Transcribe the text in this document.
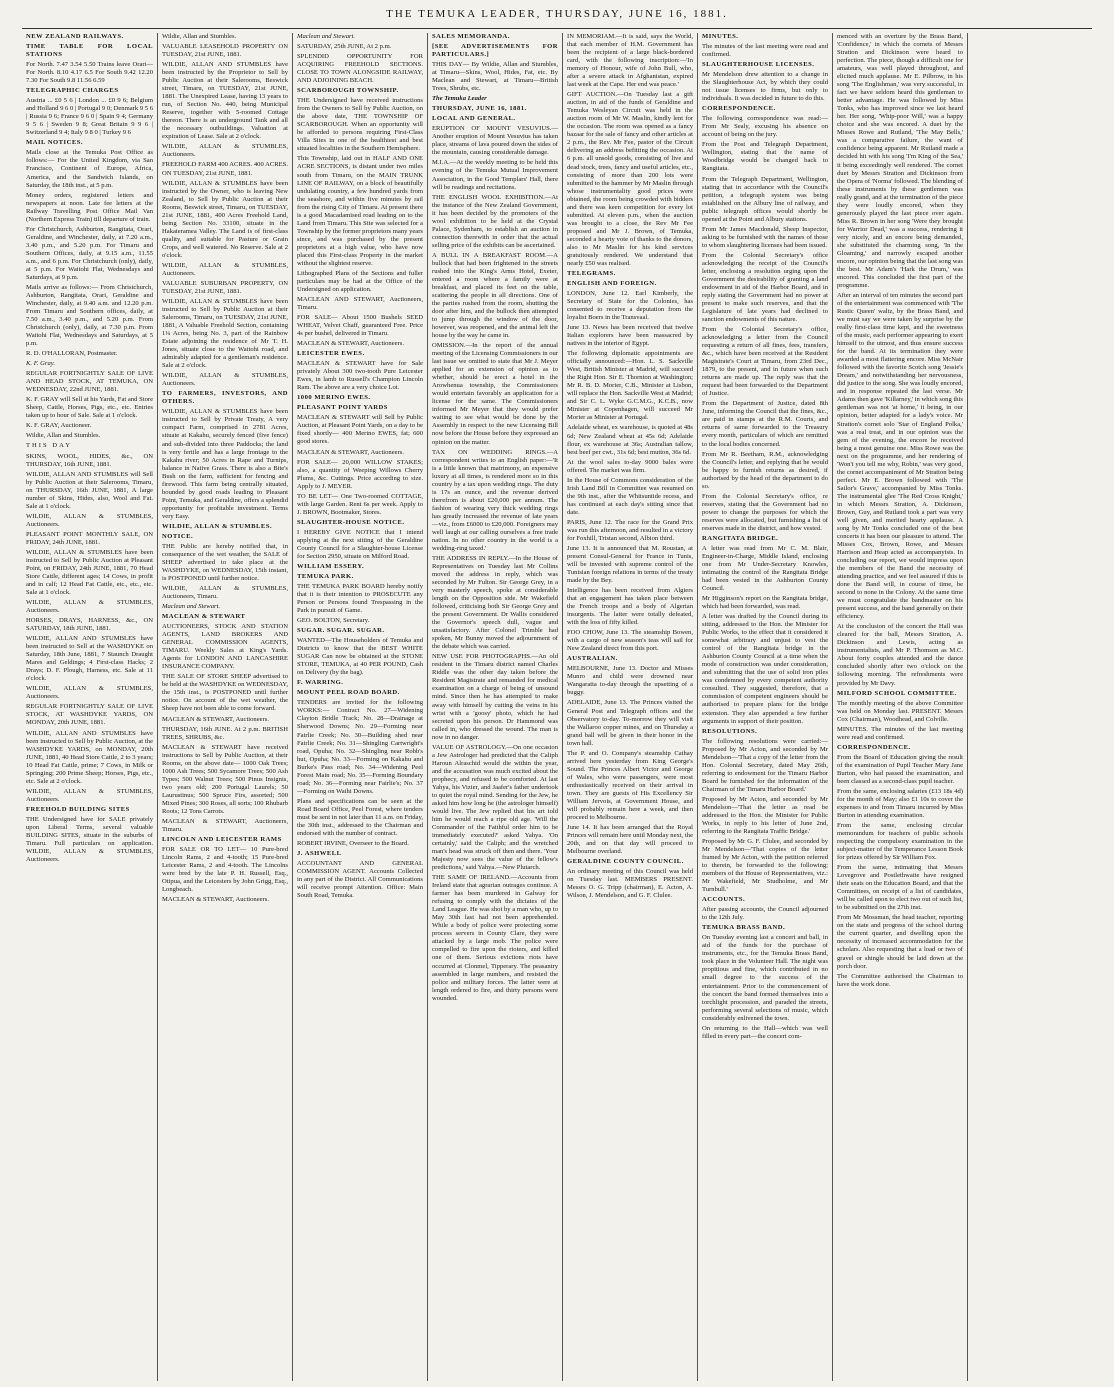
THE TEMUKA LEADER, THURSDAY, JUNE 16, 1881.

NEW ZEALAND RAILWAYS.

TIME TABLE FOR LOCAL STATIONS

For North. 7.47 3.54 5.50 Trains leave Orari— For North. 8.10 4.17 6.5 For South 9.42 12.20 7.30 For South 9.8 11.56 6.59

TELEGRAPHIC CHARGES

Austria ... £0 5 6 | London ... £0 9 6; Belgium and Holland 9 6 0 | Portugal 9 0; Denmark 9 5 6 | Russia 9 6; France 9 6 0 | Spain 9 4; Germany 9 5 6 | Sweden 9 8; Great Britain 9 9 6 | Switzerland 9 4; Italy 9 8 0 | Turkey 9 6

MAIL NOTICES.

Mails close at the Temuka Post Office as follows:— For the United Kingdom, via San Francisco, Continent of Europe, Africa, America, and the Sandwich Islands, on Saturday, the 18th inst., at 5 p.m.

Money orders, registered letters and newspapers at noon. Late fee letters at the Railway Travelling Post Office Mail Van (Northern Express Train) till departure of train.

For Christchurch, Ashburton, Rangitata, Orari, Geraldine, and Winchester, daily, at 7.20 a.m., 3.40 p.m., and 5.20 p.m. For Timaru and Southern Offices, daily, at 9.15 a.m., 11.55 a.m., and 6 p.m. For Christchurch (only), daily, at 5 p.m. For Waitohi Flat, Wednesdays and Saturdays, at 9 p.m.

Mails arrive as follows:— From Christchurch, Ashburton, Rangitata, Orari, Geraldine and Winchester, daily, at 9.40 a.m. and 12.20 p.m. From Timaru and Southern offices, daily, at 7.50 a.m., 3.40 p.m., and 5.20 p.m. From Christchurch (only), daily, at 7.30 p.m. From Waitohi Flat, Wednesdays and Saturdays, at 5 p.m.

R. D. O'HALLORAN, Postmaster.

K. F. Gray.

REGULAR FORTNIGHTLY SALE OF LIVE AND HEAD STOCK, AT TEMUKA, ON WEDNESDAY, 22nd JUNE, 1881.

K. F. GRAY will Sell at his Yards, Fat and Store Sheep, Cattle, Horses, Pigs, etc., etc. Entries taken up to hour of Sale. Sale at 1 o'clock.

K. F. GRAY, Auctioneer.

Wildie, Allan and Stumbles.

THIS DAY

SKINS, WOOL, HIDES, &c., ON THURSDAY, 16th JUNE, 1881.

WILDIE, ALLAN AND STUMBLES will Sell by Public Auction at their Salerooms, Timaru, on THURSDAY, 16th JUNE, 1881, A large number of Skins, Hides, also, Wool and Fat. Sale at 1 o'clock.

WILDIE, ALLAN & STUMBLES, Auctioneers.

PLEASANT POINT MONTHLY SALE, ON FRIDAY, 24th JUNE, 1881.

WILDIE, ALLAN & STUMBLES have been instructed to Sell by Public Auction at Pleasant Point, on FRIDAY, 24th JUNE, 1881, 70 Head Store Cattle, different ages; 14 Cows, in profit and in calf; 12 Head Fat Cattle, etc., etc., etc. Sale at 1 o'clock.

WILDIE, ALLAN & STUMBLES, Auctioneers.

HORSES, DRAYS, HARNESS, &c., ON SATURDAY, 18th JUNE, 1881.

WILDIE, ALLAN AND STUMBLES have been instructed to Sell at the WASHDYKE on Saturday, 18th June, 1881, 7 Staunch Draught Mares and Geldings; 4 First-class Hacks; 2 Drays; D. F. Plough, Harness, etc. Sale at 11 o'clock.

WILDIE, ALLAN & STUMBLES, Auctioneers.

REGULAR FORTNIGHTLY SALE OF LIVE STOCK, AT WASHDYKE YARDS, ON MONDAY, 20th JUNE, 1881.

WILDIE, ALLAN AND STUMBLES have been instructed to Sell by Public Auction, at the WASHDYKE YARDS, on MONDAY, 20th JUNE, 1881, 40 Head Store Cattle, 2 to 3 years; 10 Head Fat Cattle, prime; 7 Cows, in Milk or Springing; 200 Prime Sheep; Horses, Pigs, etc., etc. Sale at 2 o'clock.

WILDIE, ALLAN & STUMBLES, Auctioneers.

FREEHOLD BUILDING SITES

THE Undersigned have for SALE privately upon Liberal Terms, several valuable BUILDING SITES, situate in the suburbs of Timaru. Full particulars on application. WILDIE, ALLAN & STUMBLES, Auctioneers.

Wildie, Allan and Stumbles.

VALUABLE LEASEHOLD PROPERTY ON TUESDAY, 21st JUNE, 1881.

WILDIE, ALLAN AND STUMBLES have been instructed by the Proprietor to Sell by Public Auction at their Salerooms, Beswick street, Timaru, on TUESDAY, 21st JUNE, 1881. The Unexpired Lease, having 13 years to run, of Section No. 440, being Municipal Reserve, together with 5-roomed Cottage thereon. There is an underground Tank and all the necessary outbuildings. Valuation at expiration of Lease. Sale at 2 o'clock.

WILDIE, ALLAN & STUMBLES, Auctioneers.

FREEHOLD FARM 400 ACRES. 400 ACRES. ON TUESDAY, 21st JUNE, 1881.

WILDIE, ALLAN & STUMBLES have been instructed by the Owner, who is leaving New Zealand, to Sell by Public Auction at their Rooms, Beswick street, Timaru, on TUESDAY, 21st JUNE, 1881, 400 Acres Freehold Land, being Section No. 33100, situate in the Hakateramea Valley. The Land is of first-class quality, and suitable for Pasture or Grain Crops, and well watered. No Reserve. Sale at 2 o'clock.

WILDIE, ALLAN & STUMBLES, Auctioneers.

VALUABLE SUBURBAN PROPERTY, ON TUESDAY, 21st JUNE, 1881.

WILDIE, ALLAN & STUMBLES have been instructed to Sell by Public Auction at their Salerooms, Timaru, on TUESDAY, 21st JUNE, 1881, A Valuable Freehold Section, containing 1¼ Acres, being No. 3, part of the Rainbow Estate adjoining the residence of Mr T. H. Jones, situate close to the Waitohi road, and admirably adapted for a gentleman's residence. Sale at 2 o'clock.

WILDIE, ALLAN & STUMBLES, Auctioneers.

TO FARMERS, INVESTORS, AND OTHERS.

WILDIE, ALLAN & STUMBLES have been instructed to Sell by Private Treaty, A very compact Farm, comprised in 2781 Acres, situate at Kakahu, securely fenced (five fence) and sub-divided into three Paddocks; the land is very fertile and has a large frontage to the Kakahu river; 50 Acres in Rape and Turnips, balance in Native Grass. There is also a Bite's Bush on the farm, sufficient for fencing and firewood. This farm being centrally situated, bounded by good roads leading to Pleasant Point, Temuka, and Geraldine, offers a splendid opportunity for profitable investment. Terms very Easy.

WILDIE, ALLAN & STUMBLES.

NOTICE.

THE Public are hereby notified that, in consequence of the wet weather, the SALE of SHEEP advertised to take place at the WASHDYKE, on WEDNESDAY, 15th instant, is POSTPONED until further notice.

WILDIE, ALLAN & STUMBLES, Auctioneers, Timaru.

Maclean and Stewart.

MACLEAN & STEWART

AUCTIONEERS, STOCK AND STATION AGENTS, LAND BROKERS AND GENERAL COMMISSION AGENTS, TIMARU. Weekly Sales at King's Yards. Agents for LONDON AND LANCASHIRE INSURANCE COMPANY.

THE SALE OF STORE SHEEP advertised to be held at the WASHDYKE on WEDNESDAY, the 15th inst., is POSTPONED until further notice. On account of the wet weather, the Sheep have not been able to come forward.

MACLEAN & STEWART, Auctioneers.

THURSDAY, 16th JUNE. At 2 p.m. BRITISH TREES, SHRUBS, &c.

MACLEAN & STEWART have received instructions to Sell by Public Auction, at their Rooms, on the above date— 1000 Oak Trees; 1000 Ash Trees; 500 Sycamore Trees; 500 Ash Types; 500 Walnut Trees; 500 Pinus Insignis, two years old; 200 Portugal Laurels; 50 Laurustinus; 500 Spruce Firs, assorted; 500 Mixed Pines; 300 Roses, all sorts; 100 Rhubarb Roots; 12 Tons Carrots.

MACLEAN & STEWART, Auctioneers, Timaru.

LINCOLN AND LEICESTER RAMS

FOR SALE OR TO LET— 10 Pure-bred Lincoln Rams, 2 and 4-tooth; 15 Pure-bred Leicester Rams, 2 and 4-tooth. The Lincolns were bred by the late P. H. Russell, Esq., Otipua, and the Leicesters by John Grigg, Esq., Longbeach.

MACLEAN & STEWART, Auctioneers.

Maclean and Stewart.

SATURDAY, 25th JUNE, At 2 p.m.

SPLENDID OPPORTUNITY FOR ACQUIRING FREEHOLD SECTIONS. CLOSE TO TOWN ALONGSIDE RAILWAY, AND ADJOINING BEACH.

SCARBOROUGH TOWNSHIP.

THE Undersigned have received instructions from the Owners to Sell by Public Auction, on the above date, THE TOWNSHIP OF SCARBOROUGH. When an opportunity will be afforded to persons requiring First-Class Villa Sites in one of the healthiest and best situated localities in the Southern Hemisphere.

This Township, laid out in HALF AND ONE ACRE SECTIONS, is distant under two miles south from Timaru, on the MAIN TRUNK LINE OF RAILWAY, on a block of beautifully undulating country, a few hundred yards from the seashore, and within five minutes by rail from the rising City of Timaru. At present there is a good Macadamised road leading on to the Land from Timaru. This Site was selected for a Township by the former proprietors many years since, and was purchased by the present proprietors at a high value, who have now placed this First-class Property in the market without the slightest reserve.

Lithographed Plans of the Sections and fuller particulars may be had at the Office of the Undersigned on application.

MACLEAN AND STEWART, Auctioneers, Timaru.

FOR SALE— About 1500 Bushels SEED WHEAT, Velvet Chaff, guaranteed Free. Price 4s per bushel, delivered in Timaru.

MACLEAN & STEWART, Auctioneers.

LEICESTER EWES.

MACLEAN & STEWART have for Sale privately About 300 two-tooth Pure Leicester Ewes, in lamb to Russell's Champion Lincoln Ram. The above are a very choice Lot.

1000 MERINO EWES.

PLEASANT POINT YARDS

MACLEAN & STEWART will Sell by Public Auction, at Pleasant Point Yards, on a day to be fixed shortly— 400 Merino EWES, fat; 600 good stores.

MACLEAN & STEWART, Auctioneers.

FOR SALE— 20,000 WILLOW STAKES; also, a quantity of Weeping Willows Cherry Plums, &c. Cuttings. Price according to size. Apply to J. MEYER.

TO BE LET— One Two-roomed COTTAGE, with large Garden. Rent 6s per week. Apply to J. BROWN, Bootmaker, Stores.

SLAUGHTER-HOUSE NOTICE.

I HEREBY GIVE NOTICE that I intend applying at the next sitting of the Geraldine County Council for a Slaughter-house License for Section 2950, situate on Milford Road.

WILLIAM ESSERY.

TEMUKA PARK.

THE TEMUKA PARK BOARD hereby notify that it is their intention to PROSECUTE any Person or Persons found Trespassing in the Park in pursuit of Game.

GEO. BOLTON, Secretary.

SUGAR. SUGAR. SUGAR.

WANTED—The Householders of Temuka and Districts to know that the BEST WHITE SUGAR Can now be obtained at the STONE STORE, TEMUKA, at 40 PER POUND, Cash on Delivery (by the bag).

F. WARRING.

MOUNT PEEL ROAD BOARD.

TENDERS are invited for the following WORKS:— Contract No. 27—Widening Clayton Bridle Track; No. 28—Drainage at Sherwood Downs; No. 29—Forming near Fairlie Creek; No. 30—Building shed near Fairlie Creek; No. 31—Shingling Cartwright's road, Opuha; No. 32—Shingling near Robb's hut, Opuha; No. 33—Forming on Kakahu and Burke's Pass road; No. 34—Widening Peel Forest Main road; No. 35—Forming Boundary road; No. 36—Forming near Fairlie's; No. 37—Forming on Waihi Downs.

Plans and specifications can be seen at the Road Board Office, Peel Forest, where tenders must be sent in not later than 11 a.m. on Friday, the 30th inst., addressed to the Chairman and endorsed with the number of contract.

ROBERT IRVINE, Overseer to the Board.

J. ASHWELL

ACCOUNTANT AND GENERAL COMMISSION AGENT. Accounts Collected in any part of the District. All Communications will receive prompt Attention. Office: Main South Road, Temuka.

SALES MEMORANDA.

[SEE ADVERTISEMENTS FOR PARTICULARS.]

THIS DAY— By Wildie, Allan and Stumbles, at Timaru—Skins, Wool, Hides, Fat, etc. By Maclean and Stewart, at Timaru—British Trees, Shrubs, etc.

The Temuka Leader

THURSDAY, JUNE 16, 1881.

LOCAL AND GENERAL.

ERUPTION OF MOUNT VESUVIUS.—Another eruption of Mount Vesuvius has taken place, streams of lava poured down the sides of the mountain, causing considerable damage.

M.I.A.—At the weekly meeting to be held this evening of the Temuka Mutual Improvement Association, in the Good Templars' Hall, there will be readings and recitations.

THE ENGLISH WOOL EXHIBITION.—At the instance of the New Zealand Government, it has been decided by the promoters of the wool exhibition to be held at the Crystal Palace, Sydenham, to establish an auction in connection therewith in order that the actual selling price of the exhibits can be ascertained.

A BULL IN A BREAKFAST ROOM.—A bullock that had been frightened in the streets rushed into the King's Arms Hotel, Exeter, entered a room where a family were at breakfast, and placed its feet on the table, scattering the people in all directions. One of the parties rushed from the room, shutting the door after him, and the bullock then attempted to jump through the window of the door, however, was reopened, and the animal left the house by the way he came in.

OMISSION.—In the report of the annual meeting of the Licensing Commissioners in our last issue we omitted to state that Mr J. Meyer applied for an extension of opinion as to whether, should he erect a hotel in the Arowhenua township, the Commissioners would entertain favorably an application for a license for the same. The Commissioners informed Mr Meyer that they would prefer waiting to see what would be done by the Assembly in respect to the new Licensing Bill now before the House before they expressed an opinion on the matter.

TAX ON WEDDING RINGS.—A correspondent writes to an English paper:—'It is a little known that matrimony, an expensive luxury at all times, is rendered more so in this country by a tax upon wedding rings. The duty is 17s an ounce, and the revenue derived therefrom is about £20,000 per annum. The fashion of wearing very thick wedding rings has greatly increased the revenue of late years—viz., from £6000 to £20,000. Foreigners may well laugh at our calling ourselves a free trade nation. In no other country in the world is a wedding-ring taxed.'

THE ADDRESS IN REPLY.—In the House of Representatives on Tuesday last Mr Collins moved the address in reply, which was seconded by Mr Fulton. Sir George Grey, in a very masterly speech, spoke at considerable length on the Opposition side. Mr Wakefield followed, criticising both Sir George Grey and the present Government. Dr Wallis considered the Governor's speech dull, vague and unsatisfactory. After Colonel Trimble had spoken, Mr Bunny moved the adjournment of the debate which was carried.

NEW USE FOR PHOTOGRAPHS.—An old resident in the Timaru district named Charles Riddle was the other day taken before the Resident Magistrate and remanded for medical examination on a charge of being of unsound mind. Since then he has attempted to make away with himself by cutting the veins in his wrist with a 'goosy' photo, which he had secreted upon his person. Dr Hammond was called in, who dressed the wound. The man is now in no danger.

VALUE OF ASTROLOGY.—On one occasion a Jew Astrologer had predicted that the Caliph Haroun Alraschid would die within the year, and the accusation was much excited about the prophecy, and refused to be comforted. At last Yahya, his Vizier, and Jaafer's father undertook to quiet the royal mind. Sending for the Jew, he asked him how long he (the astrologer himself) would live. The Jew replied that his art told him he would reach a ripe old age. 'Will the Commander of the Faithful order him to be immediately executed?' asked Yahya. 'On certainly,' said the Caliph; and the wretched man's head was struck off then and there. 'Your Majesty now sees the value of the fellow's predictions,' said Yahya.—New Plutarch.

THE SAME OF IRELAND.—Accounts from Ireland state that agrarian outrages continue. A farmer has been murdered in Galway for refusing to comply with the dictates of the Land League. He was shot by a man who, up to May 30th last had not been apprehended. While a body of police were protecting some process servers in County Clare, they were attacked by a large mob. The police were compelled to fire upon the rioters, and killed one of them. Serious evictions riots have occurred at Clonmel, Tipperary. The peasantry assembled in large numbers, and resisted the police and military forces. The latter were at length ordered to fire, and thirty persons were wounded.

IN MEMORIAM.—It is said, says the World, that each member of H.M. Government has been the recipient of a large black-bordered card, with the following inscription:—'In memory of Honour, wife of John Bull, who, after a severe attack in Afghanistan, expired last week at the Cape. Her end was peace.'

GIFT AUCTION.—On Tuesday last a gift auction, in aid of the funds of Geraldine and Temuka Wesleyan Circuit was held in the auction room of Mr W. Maslin, kindly lent for the occasion. The room was opened as a fancy bazaar for the sale of fancy and other articles at 2 p.m., the Rev. Mr Fee, pastor of the Circuit delivering an address befitting the occasion. At 6 p.m. all unsold goods, consisting of live and dead stock, trees, fancy and useful articles, etc., consisting of more than 200 lots were submitted to the hammer by Mr Maslin through whose instrumentality good prices were obtained, the room being crowded with bidders and there was keen competition for every lot submitted. At eleven p.m., when the auction was brought to a close, the Rev Mr Fee proposed and Mr J. Brown, of Temuka, seconded a hearty vote of thanks to the donors, also to Mr Maslin for his kind services gratuitously rendered. We understand that nearly £50 was realised.

TELEGRAMS.

ENGLISH AND FOREIGN.

LONDON, June 12. Earl Kimberly, the Secretary of State for the Colonies, has consented to receive a deputation from the loyalist Boers in the Transvaal.

June 13. News has been received that twelve Italian explorers have been massacred by natives in the interior of Egypt.

The following diplomatic appointments are officially announced:—Hon. L. S. Sackville West, British Minister at Madrid, will succeed the Right Hon. Sir E. Thornton at Washington; Mr R. B. D. Morier, C.B., Minister at Lisbon, will replace the Hon. Sackville West at Madrid; and Sir C. L. Wyke G.C.M.G., K.C.B., now Minister at Copenhagen, will succeed Mr Morier as Minister at Portugal.

Adelaide wheat, ex warehouse, is quoted at 48s 6d; New Zealand wheat at 45s 6d; Adelaide flour, ex warehouse at 36s; Australian tallow, best beef per cwt., 31s 6d; best mutton, 36s 6d.

At the wool sales to-day 9000 bales were offered. The market was firm.

In the House of Commons consideration of the Irish Land Bill in Committee was resumed on the 9th inst., after the Whitsuntide recess, and has continued at each day's sitting since that date.

PARIS, June 12. The race for the Grand Prix was run this afternoon, and resulted in a victory for Foxhill, Tristan second, Albion third.

June 13. It is announced that M. Roustan, at present Consul-General for France in Tunis, will be invested with supreme control of the Tunisian foreign relations in terms of the treaty made by the Bey.

Intelligence has been received from Algiers that an engagement has taken place between the French troops and a body of Algerian insurgents. The latter were totally defeated, with the loss of fifty killed.

FOO CHOW, June 13. The steamship Bowen, with a cargo of new season's teas will sail for New Zealand direct from this port.

AUSTRALIAN.

MELBOURNE, June 13. Doctor and Misses Munro and child were drowned near Wangaratta to-day through the upsetting of a buggy.

ADELAIDE, June 13. The Princes visited the General Post and Telegraph offices and the Observatory to-day. To-morrow they will visit the Wallaroo copper mines, and on Thursday a grand ball will be given in their honor in the town hall.

The P. and O. Company's steamship Cathay arrived here yesterday from King George's Sound. The Princes Albert Victor and George of Wales, who were passengers, were most enthusiastically received on their arrival in town. They are guests of His Excellency Sir William Jervois, at Government House, and will probably remain here a week, and then proceed to Melbourne.

June 14. It has been arranged that the Royal Princes will remain here until Monday next, the 20th, and on that day will proceed to Melbourne overland.

GERALDINE COUNTY COUNCIL.

An ordinary meeting of this Council was held on Tuesday last. MEMBERS PRESENT. Messrs O. G. Tripp (chairman), E. Acton, A. Wilson, J. Mendelson, and G. F. Clulee.

MINUTES.

The minutes of the last meeting were read and confirmed.

SLAUGHTERHOUSE LICENSES.

Mr Mendelson drew attention to a change in the Slaughterhouse Act, by which they could not issue licenses to firms, but only to individuals. It was decided in future to do this.

CORRESPONDENCE.

The following correspondence was read:— From Mr Sealy, excusing his absence on account of being on the jury.

From the Post and Telegraph Department, Wellington, stating that the name of Woodbridge would be changed back to Rangitata.

From the Telegraph Department, Wellington, stating that in accordance with the Council's petition, a telegraph system was being established on the Albury line of railway, and public telegraph offices would shortly be opened at the Point and Albury stations.

From Mr James Macdonald, Sheep Inspector, asking to be furnished with the names of those to whom slaughtering licenses had been issued.

From the Colonial Secretary's office acknowledging the receipt of the Council's letter, enclosing a resolution urging upon the Government the desirability of granting a land endowment in aid of the Harbor Board, and in reply stating the Government had no power at present to make such reserves, and that the Legislature of late years had declined to sanction endowments of this nature.

From the Colonial Secretary's office, acknowledging a letter from the Council requesting a return of all fines, fees, transfers, &c., which have been received at the Resident Magistrate's Court at Timaru, from 23rd Dec., 1879, to the present, and in future when such returns are made up. The reply was that the request had been forwarded to the Department of Justice.

From the Department of Justice, dated 8th June, informing the Council that the fines, &c., are paid in stamps at the R.M. Courts, and returns of same forwarded to the Treasury every month, particulars of which are remitted to the local bodies concerned.

From Mr R. Beetham, R.M., acknowledging the Council's letter, and replying that he would be happy to furnish returns as desired, if authorised by the head of the department to do so.

From the Colonial Secretary's office, re reserves, stating that the Government had no power to change the purposes for which the reserves were allocated, but furnishing a list of reserves made in the district, and how vested.

RANGITATA BRIDGE.

A letter was read from Mr C. M. Blair, Engineer-in-Charge, Middle Island, enclosing one from Mr Under-Secretary Knowles, intimating the control of the Rangitata Bridge had been vested in the Ashburton County Council.

Mr Higginson's report on the Rangitata bridge, which had been forwarded, was read.

A letter was drafted by the Council during its sitting, addressed to the Hon. the Minister for Public Works, to the effect that it considered it somewhat arbitrary and unjust to vest the control of the Rangitata bridge in the Ashburton County Council at a time when the mode of construction was under consideration, and submitting that the use of solid iron piles was condemned by every competent authority consulted. They suggested, therefore, that a commission of competent engineers should be authorised to prepare plans for the bridge extension. They also appended a few further arguments in support of their position.

RESOLUTIONS.

The following resolutions were carried:— Proposed by Mr Acton, and seconded by Mr Mendelson—'That a copy of the letter from the Hon. Colonial Secretary, dated May 26th, referring to endowment for the Timaru Harbor Board be furnished for the information of the Chairman of the Timaru Harbor Board.'

Proposed by Mr Acton, and seconded by Mr Mendelson—'That the letter as read be addressed to the Hon. the Minister for Public Works, in reply to his letter of June 2nd, referring to the Rangitata Traffic Bridge.'

Proposed by Mr G. F. Clulee, and seconded by Mr Mendelson—'That copies of the letter framed by Mr Acton, with the petition referred to therein, be forwarded to the following; members of the House of Representatives, viz.: Mr Wakefield, Mr Studholme, and Mr Turnbull.'

ACCOUNTS.

After passing accounts, the Council adjourned to the 12th July.

TEMUKA BRASS BAND.

On Tuesday evening last a concert and ball, in aid of the funds for the purchase of instruments, etc., for the Temuka Brass Band, took place in the Volunteer Hall. The night was propitious and fine, which contributed in no small degree to the success of the entertainment. Prior to the commencement of the concert the band formed themselves into a torchlight procession, and paraded the streets, performing several selections of music, which considerably enlivened the town.

On returning to the Hall—which was well filled in every part—the concert com-

menced with an overture by the Brass Band, 'Confidence,' in which the cornets of Messrs Stratton and Dickinson were heard to perfection. The piece, though a difficult one for amateurs, was well played throughout, and elicited much applause. Mr E. Pilbrow, in his song 'The Englishman,' was very successful, in fact we have seldom heard this gentleman to better advantage. He was followed by Miss Tonks, who has improved since we last heard her. Her song, 'Whip-poor Will,' was a happy choice and she was encored. A duet by the Misses Rowe and Rutland, 'The May Bells,' was a comparative failure, the want of confidence being apparent. Mr Rutland made a decided hit with his song 'I'm King of the Sea,' it being exceedingly well rendered. The cornet duet by Messrs Stratton and Dickinson from the Opera of 'Norma' followed. The blending of these instruments by these gentlemen was really grand, and at the termination of the piece they were loudly encored, when they generously played the last piece over again. Miss R. Brown in her song 'Were they brought for Warrior Dead,' was a success, rendering it very nicely, and an encore being demanded, she substituted the charming song, 'In the Gloaming,' and narrowly escaped another encore, our opinion being that the last song was the best. Mr Adam's 'Hark the Drum,' was encored. This concluded the first part of the programme.

After an interval of ten minutes the second part of the entertainment was commenced with 'The Rustic Queen' waltz, by the Brass Band, and we must say we were taken by surprise by the really first-class time kept, and the sweetness of the music, each performer appearing to exert himself to the utmost, and thus ensure success for the band. At its termination they were awarded a most flattering encore. Miss McNair followed with the favorite Scotch song 'Jessie's Dream,' and notwithstanding her nervousness, did justice to the song. She was loudly encored, and in response repeated the last verse. Mr Adams then gave 'Killarney,' in which song this gentleman was not 'at home,' it being, in our opinion, better adapted for a lady's voice. Mr Stratton's cornet solo 'Star of England Polka,' was a real treat, and in our opinion was the gem of the evening, the encore he received being a most genuine one. Miss Rowe was the next on the programme, and her rendering of 'Won't you tell me why, Robin,' was very good, the cornet accompaniment of Mr Stratton being perfect. Mr E. Brown followed with 'The Sailor's Grave,' accompanied by Miss Tonks. The instrumental glee 'The Red Cross Knight,' in which Messrs Stratton, A. Dickinson, Brown, Guy, and Rutland took a part was very well given, and merited hearty applause. A song by Mr Tonks concluded one of the best concerts it has been our pleasure to attend. The Misses Cox, Brown, Rowe, and Messrs Harrison and Heap acted as accompanyists. In concluding our report, we would impress upon the members of the Band the necessity of attending practice, and we feel assured if this is done the Band will, in course of time, be second to none in the Colony. At the same time we must congratulate the bandmaster on his present success, and the band generally on their efficiency.

At the conclusion of the concert the Hall was cleared for the ball, Messrs Stratton, A. Dickinson and Lewis, acting as instrumentalists, and Mr P. Thomson as M.C. About forty couples attended and the dance concluded shortly after two o'clock on the following morning. The refreshments were provided by Mr Davy.

MILFORD SCHOOL COMMITTEE.

The monthly meeting of the above Committee was held on Monday last. PRESENT. Messrs Cox (Chairman), Woodhead, and Colville.

MINUTES. The minutes of the last meeting were read and confirmed.

CORRESPONDENCE.

From the Board of Education giving the result of the examination of Pupil Teacher Mary Jane Burton, who had passed the examination, and been classed as a second-class pupil teacher.

From the same, enclosing salaries (£13 18s 4d) for the month of May; also £1 10s to cover the expenses to and from Timaru incurred by Miss Burton in attending examination.

From the same, enclosing circular memorandum for teachers of public schools respecting the compulsory examination in the subject-matter of the Temperance Lesson Book for prizes offered by Sir William Fox.

From the same, intimating that Messrs Lovegrove and Postlethwaite have resigned their seats on the Education Board, and that the Committees, on receipt of a list of candidates, will be called upon to elect two out of such list, to be submitted on the 27th inst.

From Mr Mossman, the head teacher, reporting on the state and progress of the school during the current quarter, and dwelling upon the necessity of increased accommodation for the scholars. Also requesting that a load or two of gravel or shingle should be laid down at the porch door.

The Committee authorised the Chairman to have the work done.
